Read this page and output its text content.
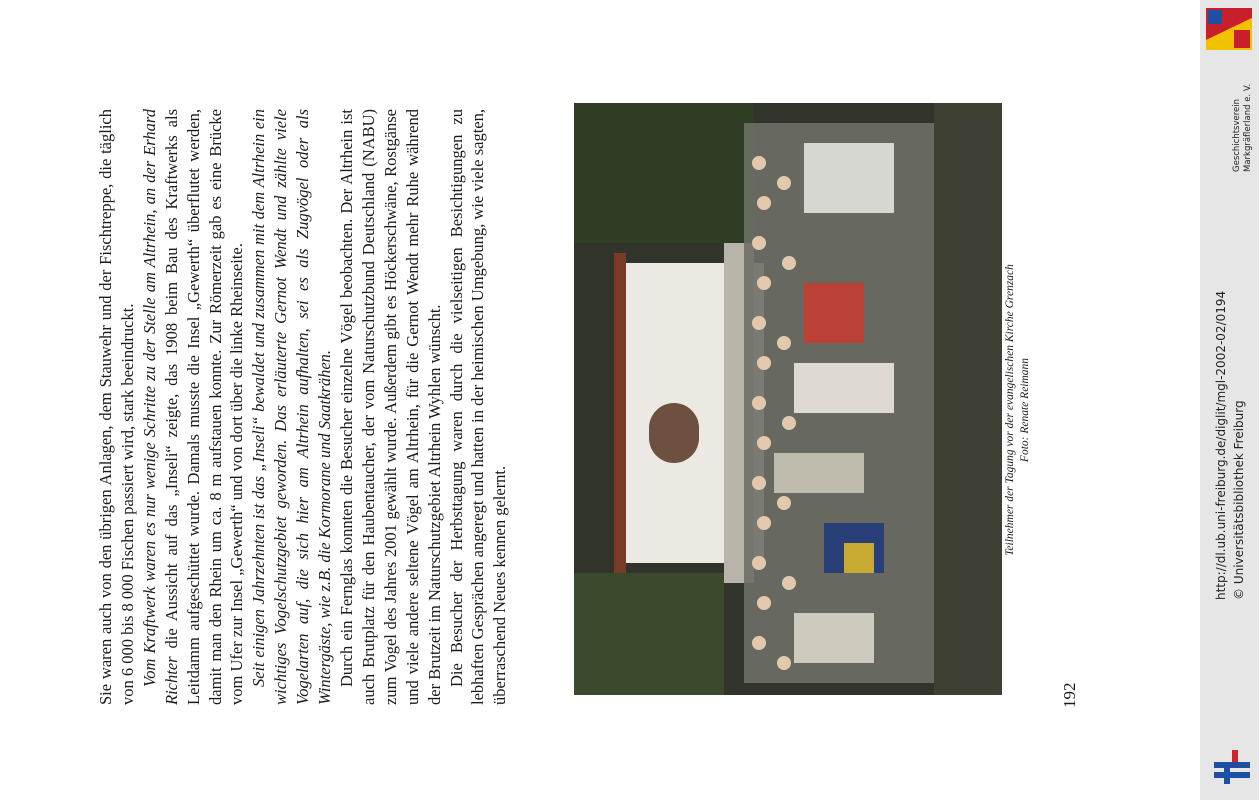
Sie waren auch von den übrigen Anlagen, dem Stauwehr und der Fischtreppe, die täglich von 6 000 bis 8 000 Fischen passiert wird, stark beeindruckt. Vom Kraftwerk waren es nur wenige Schritte zu der Stelle am Altrhein, an der Erhard Richter die Aussicht auf das „Inseli“ zeigte, das 1908 beim Bau des Kraftwerks als Leitdamm aufgeschüttet wurde. Damals musste die Insel „Gewerth“ überflutet werden, damit man den Rhein um ca. 8 m aufstauen konnte. Zur Römerzeit gab es eine Brücke vom Ufer zur Insel „Gewerth“ und von dort über die linke Rheinseite. Seit einigen Jahrzehnten ist das „Inseli“ bewaldet und zusammen mit dem Altrhein ein wichtiges Vogelschutzgebiet geworden. Das erläuterte Gernot Wendt und zählte viele Vogelarten auf, die sich hier am Altrhein aufhalten, sei es als Zugvögel oder als Wintergäste, wie z.B. die Kormorane und Saatkrähen. Durch ein Fernglas konnten die Besucher einzelne Vögel beobachten. Der Altrhein ist auch Brutplatz für den Haubentaucher, der vom Naturschutzbund Deutschland (NABU) zum Vogel des Jahres 2001 gewählt wurde. Außerdem gibt es Höckerschwäne, Rostgänse und viele andere seltene Vögel am Altrhein, für die Gernot Wendt mehr Ruhe während der Brutzeit im Naturschutzgebiet Altrhein Wyhlen wünscht. Die Besucher der Herbsttagung waren durch die vielseitigen Besichtigungen zu lebhaften Gesprächen angeregt und hatten in der heimischen Umgebung, wie viele sagten, überraschend Neues kennen gelernt.

Teilnehmer der Tagung vor der evangelischen Kirche Grenzach Foto: Renate Reimann
192
Geschichtsverein Markgräflerland e. V.
http://dl.ub.uni-freiburg.de/diglit/mgl-2002-02/0194 © Universitätsbibliothek Freiburg
